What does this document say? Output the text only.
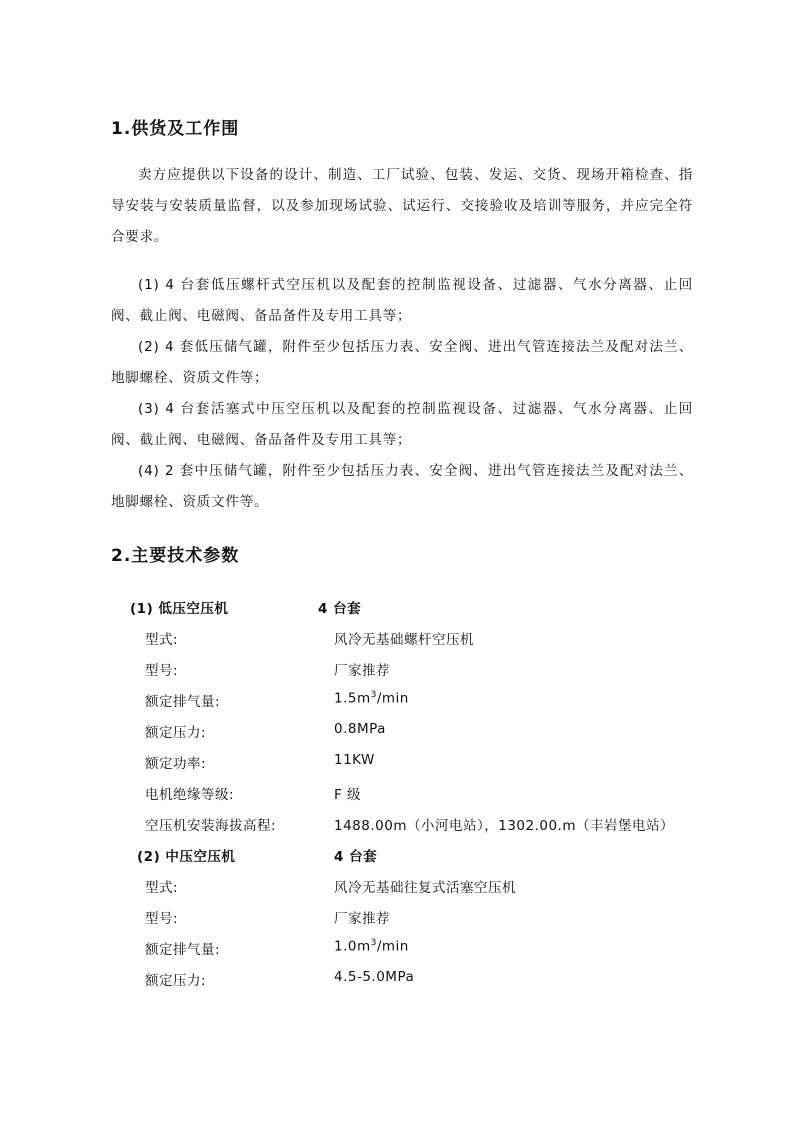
1.供货及工作围

卖方应提供以下设备的设计、制造、工厂试验、包装、发运、交货、现场开箱检查、指导安装与安装质量监督，以及参加现场试验、试运行、交接验收及培训等服务，并应完全符合要求。

(1) 4 台套低压螺杆式空压机以及配套的控制监视设备、过滤器、气水分离器、止回阀、截止阀、电磁阀、备品备件及专用工具等；

(2) 4 套低压储气罐，附件至少包括压力表、安全阀、进出气管连接法兰及配对法兰、地脚螺栓、资质文件等；

(3) 4 台套活塞式中压空压机以及配套的控制监视设备、过滤器、气水分离器、止回阀、截止阀、电磁阀、备品备件及专用工具等；

(4) 2 套中压储气罐，附件至少包括压力表、安全阀、进出气管连接法兰及配对法兰、地脚螺栓、资质文件等。

2.主要技术参数
(1) 低压空压机	4 台套
型式:	风冷无基础螺杆空压机
型号:	厂家推荐
额定排气量:	$1.5m^3/\min$
额定压力:	0.8MPa
额定功率:	11KW
电机绝缘等级:	F 级
空压机安装海拔高程:	1488.00m（小河电站），1302.00.m（丰岩堡电站）
(2) 中压空压机	4 台套
型式:	风冷无基础往复式活塞空压机
型号:	厂家推荐
额定排气量:	$1.0m^3/\min$
额定压力:	4.5-5.0MPa
